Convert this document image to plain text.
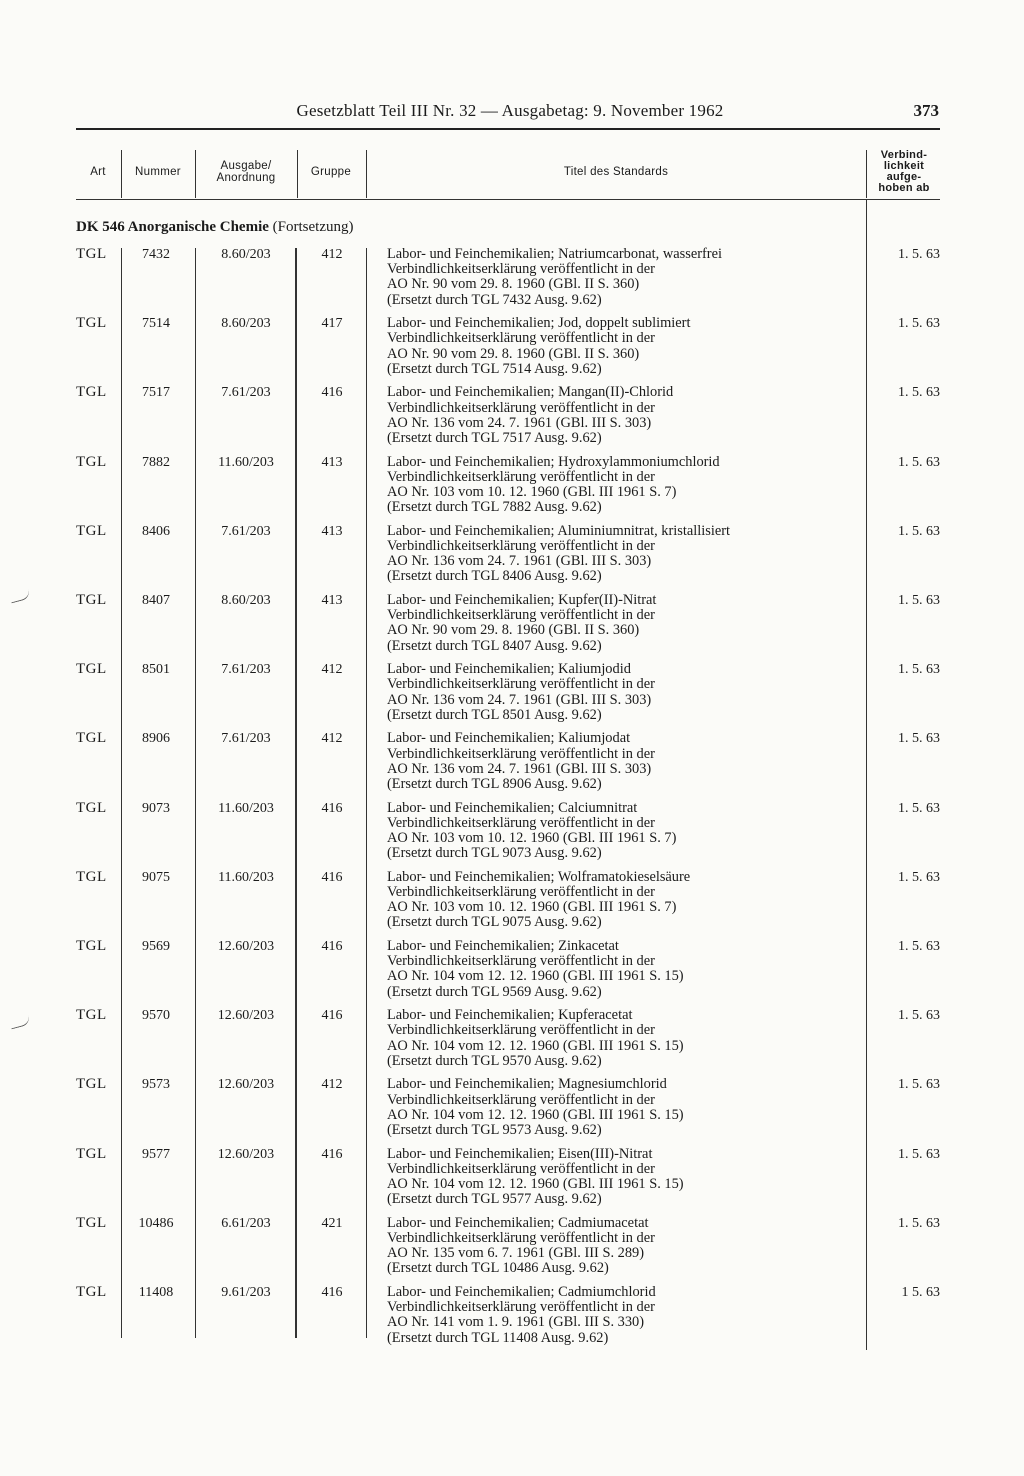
Gesetzblatt Teil III Nr. 32 — Ausgabetag: 9. November 1962	373
Art	Nummer	Ausgabe/
Anordnung	Gruppe	Titel des Standards
Verbind-
lichkeit
aufge-
hoben ab
DK 546 Anorganische Chemie (Fortsetzung)
TGL	7432	8.60/203	412	Labor- und Feinchemikalien; Natriumcarbonat, wasserfrei
Verbindlichkeitserklärung veröffentlicht in der
AO Nr. 90 vom 29. 8. 1960 (GBl. II S. 360)
(Ersetzt durch TGL 7432 Ausg. 9.62)
1. 5. 63
TGL	7514	8.60/203	417	Labor- und Feinchemikalien; Jod, doppelt sublimiert
Verbindlichkeitserklärung veröffentlicht in der
AO Nr. 90 vom 29. 8. 1960 (GBl. II S. 360)
(Ersetzt durch TGL 7514 Ausg. 9.62)
1. 5. 63
TGL	7517	7.61/203	416	Labor- und Feinchemikalien; Mangan(II)-Chlorid
Verbindlichkeitserklärung veröffentlicht in der
AO Nr. 136 vom 24. 7. 1961 (GBl. III S. 303)
(Ersetzt durch TGL 7517 Ausg. 9.62)
1. 5. 63
TGL	7882	11.60/203	413	Labor- und Feinchemikalien; Hydroxylammoniumchlorid
Verbindlichkeitserklärung veröffentlicht in der
AO Nr. 103 vom 10. 12. 1960 (GBl. III 1961 S. 7)
(Ersetzt durch TGL 7882 Ausg. 9.62)
1. 5. 63
TGL	8406	7.61/203	413	Labor- und Feinchemikalien; Aluminiumnitrat, kristallisiert
Verbindlichkeitserklärung veröffentlicht in der
AO Nr. 136 vom 24. 7. 1961 (GBl. III S. 303)
(Ersetzt durch TGL 8406 Ausg. 9.62)
1. 5. 63
TGL	8407	8.60/203	413	Labor- und Feinchemikalien; Kupfer(II)-Nitrat
Verbindlichkeitserklärung veröffentlicht in der
AO Nr. 90 vom 29. 8. 1960 (GBl. II S. 360)
(Ersetzt durch TGL 8407 Ausg. 9.62)
1. 5. 63
TGL	8501	7.61/203	412	Labor- und Feinchemikalien; Kaliumjodid
Verbindlichkeitserklärung veröffentlicht in der
AO Nr. 136 vom 24. 7. 1961 (GBl. III S. 303)
(Ersetzt durch TGL 8501 Ausg. 9.62)
1. 5. 63
TGL	8906	7.61/203	412	Labor- und Feinchemikalien; Kaliumjodat
Verbindlichkeitserklärung veröffentlicht in der
AO Nr. 136 vom 24. 7. 1961 (GBl. III S. 303)
(Ersetzt durch TGL 8906 Ausg. 9.62)
1. 5. 63
TGL	9073	11.60/203	416	Labor- und Feinchemikalien; Calciumnitrat
Verbindlichkeitserklärung veröffentlicht in der
AO Nr. 103 vom 10. 12. 1960 (GBl. III 1961 S. 7)
(Ersetzt durch TGL 9073 Ausg. 9.62)
1. 5. 63
TGL	9075	11.60/203	416	Labor- und Feinchemikalien; Wolframatokieselsäure
Verbindlichkeitserklärung veröffentlicht in der
AO Nr. 103 vom 10. 12. 1960 (GBl. III 1961 S. 7)
(Ersetzt durch TGL 9075 Ausg. 9.62)
1. 5. 63
TGL	9569	12.60/203	416	Labor- und Feinchemikalien; Zinkacetat
Verbindlichkeitserklärung veröffentlicht in der
AO Nr. 104 vom 12. 12. 1960 (GBl. III 1961 S. 15)
(Ersetzt durch TGL 9569 Ausg. 9.62)
1. 5. 63
TGL	9570	12.60/203	416	Labor- und Feinchemikalien; Kupferacetat
Verbindlichkeitserklärung veröffentlicht in der
AO Nr. 104 vom 12. 12. 1960 (GBl. III 1961 S. 15)
(Ersetzt durch TGL 9570 Ausg. 9.62)
1. 5. 63
TGL	9573	12.60/203	412	Labor- und Feinchemikalien; Magnesiumchlorid
Verbindlichkeitserklärung veröffentlicht in der
AO Nr. 104 vom 12. 12. 1960 (GBl. III 1961 S. 15)
(Ersetzt durch TGL 9573 Ausg. 9.62)
1. 5. 63
TGL	9577	12.60/203	416	Labor- und Feinchemikalien; Eisen(III)-Nitrat
Verbindlichkeitserklärung veröffentlicht in der
AO Nr. 104 vom 12. 12. 1960 (GBl. III 1961 S. 15)
(Ersetzt durch TGL 9577 Ausg. 9.62)
1. 5. 63
TGL	10486	6.61/203	421	Labor- und Feinchemikalien; Cadmiumacetat
Verbindlichkeitserklärung veröffentlicht in der
AO Nr. 135 vom 6. 7. 1961 (GBl. III S. 289)
(Ersetzt durch TGL 10486 Ausg. 9.62)
1. 5. 63
TGL	11408	9.61/203	416	Labor- und Feinchemikalien; Cadmiumchlorid
Verbindlichkeitserklärung veröffentlicht in der
AO Nr. 141 vom 1. 9. 1961 (GBl. III S. 330)
(Ersetzt durch TGL 11408 Ausg. 9.62)
1 5. 63
